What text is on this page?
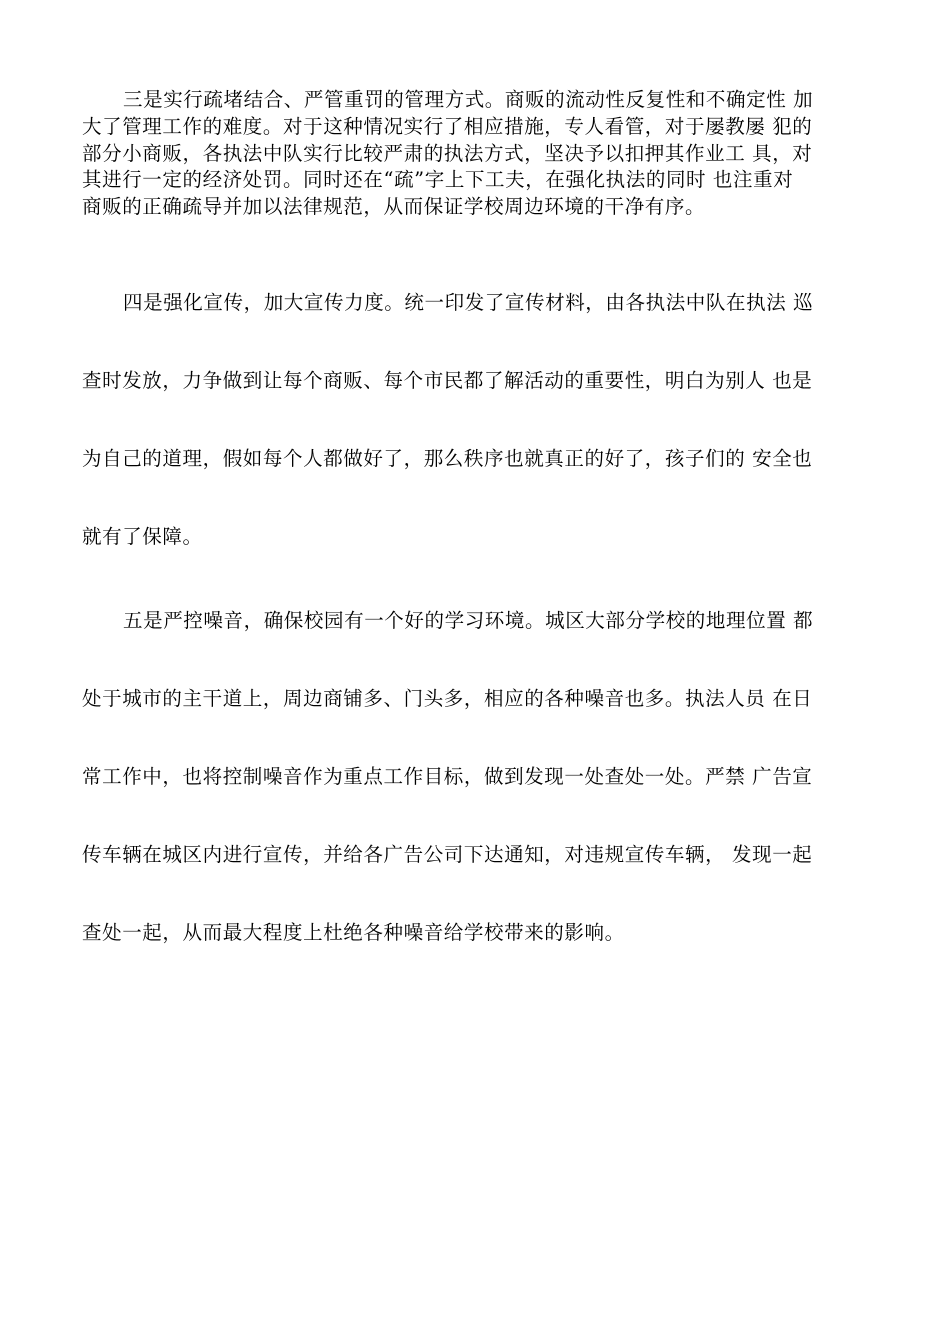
三是实行疏堵结合、严管重罚的管理方式。商贩的流动性反复性和不确定性 加
大了管理工作的难度。对于这种情况实行了相应措施，专人看管，对于屡教屡 犯的
部分小商贩，各执法中队实行比较严肃的执法方式，坚决予以扣押其作业工 具，对
其进行一定的经济处罚。同时还在“疏”字上下工夫，在强化执法的同时 也注重对
商贩的正确疏导并加以法律规范，从而保证学校周边环境的干净有序。
四是强化宣传，加大宣传力度。统一印发了宣传材料，由各执法中队在执法 巡
查时发放，力争做到让每个商贩、每个市民都了解活动的重要性，明白为别人 也是
为自己的道理，假如每个人都做好了，那么秩序也就真正的好了，孩子们的 安全也
就有了保障。
五是严控噪音，确保校园有一个好的学习环境。城区大部分学校的地理位置 都
处于城市的主干道上，周边商铺多、门头多，相应的各种噪音也多。执法人员 在日
常工作中，也将控制噪音作为重点工作目标，做到发现一处查处一处。严禁 广告宣
传车辆在城区内进行宣传，并给各广告公司下达通知，对违规宣传车辆， 发现一起
查处一起，从而最大程度上杜绝各种噪音给学校带来的影响。
